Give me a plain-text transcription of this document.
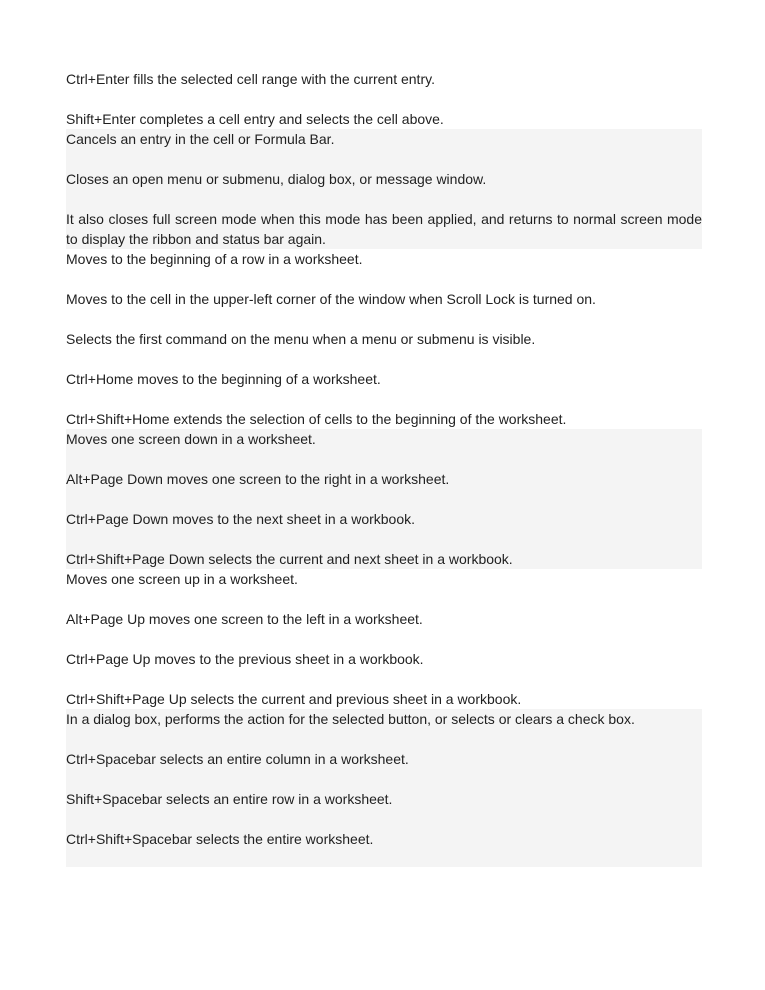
Ctrl+Enter fills the selected cell range with the current entry.

Shift+Enter completes a cell entry and selects the cell above.

Cancels an entry in the cell or Formula Bar.

Closes an open menu or submenu, dialog box, or message window.

It also closes full screen mode when this mode has been applied, and returns to normal screen mode to display the ribbon and status bar again.

Moves to the beginning of a row in a worksheet.

Moves to the cell in the upper-left corner of the window when Scroll Lock is turned on.

Selects the first command on the menu when a menu or submenu is visible.

Ctrl+Home moves to the beginning of a worksheet.

Ctrl+Shift+Home extends the selection of cells to the beginning of the worksheet.

Moves one screen down in a worksheet.

Alt+Page Down moves one screen to the right in a worksheet.

Ctrl+Page Down moves to the next sheet in a workbook.

Ctrl+Shift+Page Down selects the current and next sheet in a workbook.

Moves one screen up in a worksheet.

Alt+Page Up moves one screen to the left in a worksheet.

Ctrl+Page Up moves to the previous sheet in a workbook.

Ctrl+Shift+Page Up selects the current and previous sheet in a workbook.

In a dialog box, performs the action for the selected button, or selects or clears a check box.

Ctrl+Spacebar selects an entire column in a worksheet.

Shift+Spacebar selects an entire row in a worksheet.

Ctrl+Shift+Spacebar selects the entire worksheet.
